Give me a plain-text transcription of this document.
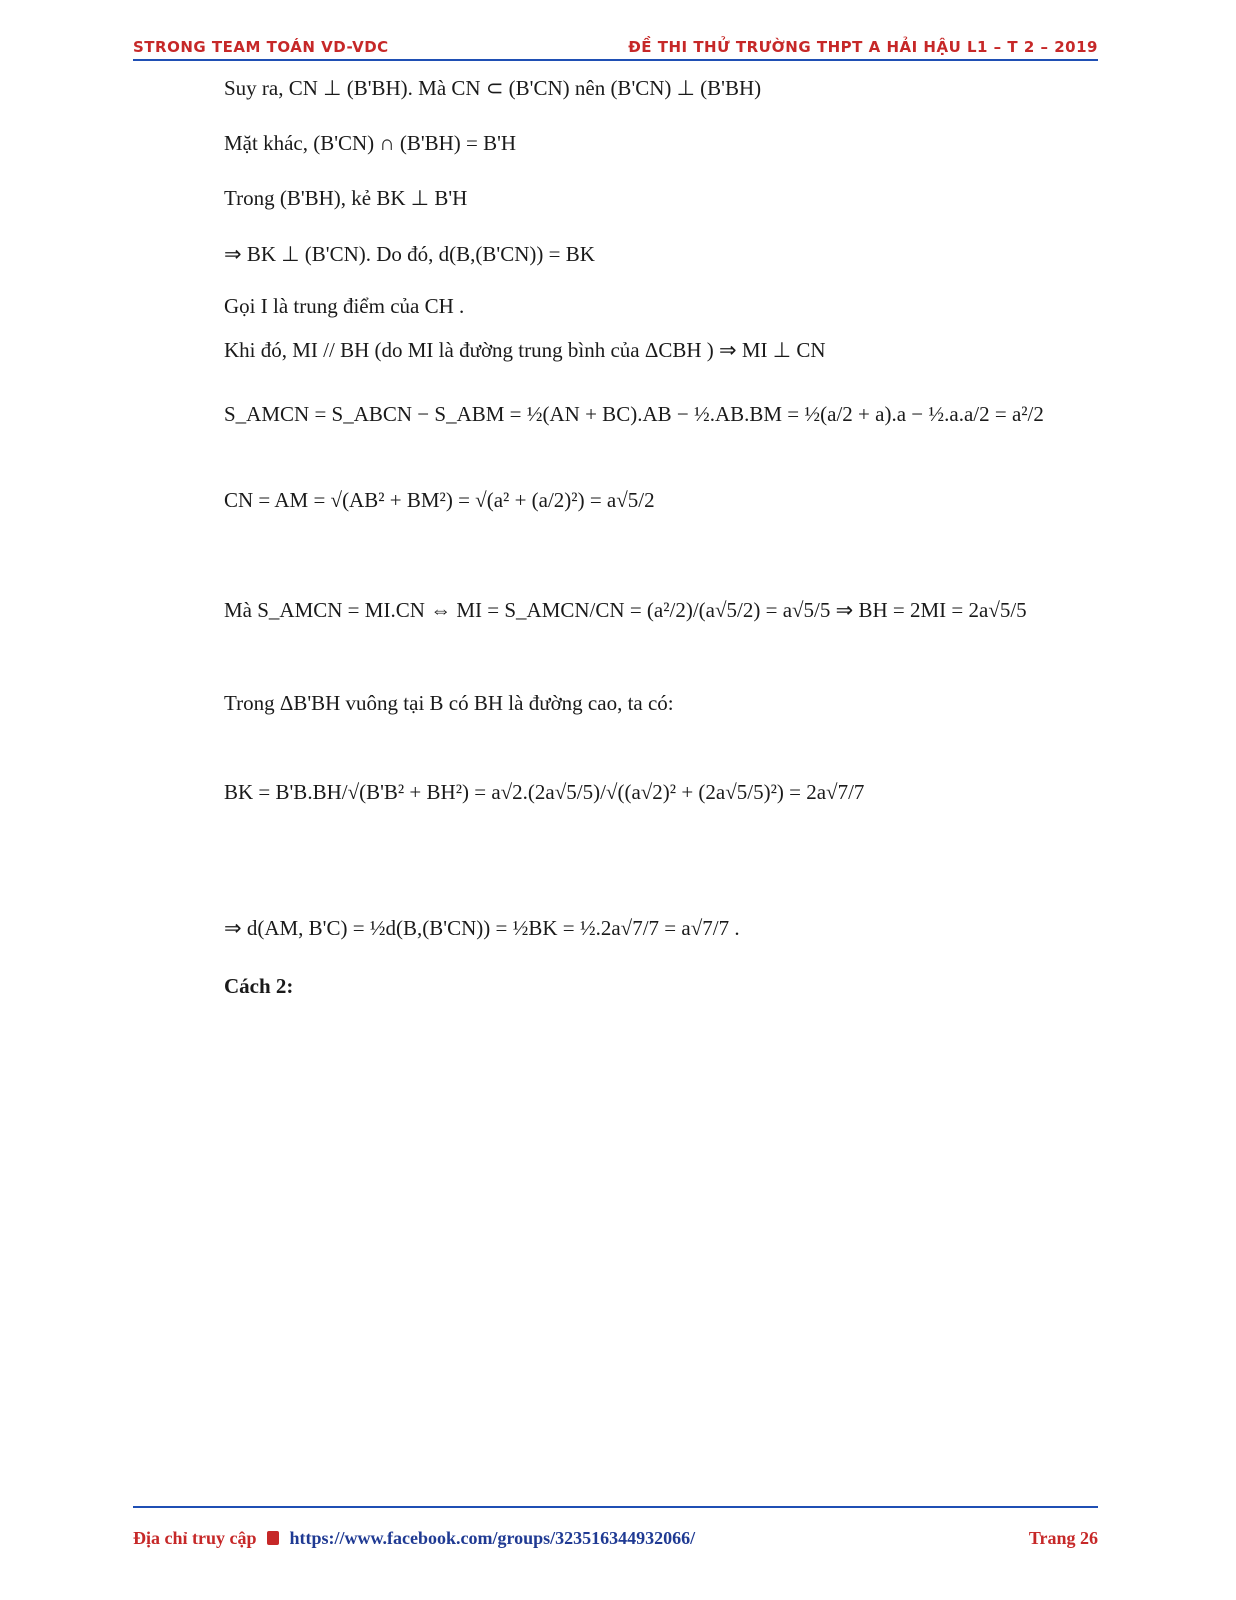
STRONG TEAM TOÁN VD-VDC	ĐỀ THI THỬ TRƯỜNG THPT A HẢI HẬU L1 – T 2 – 2019
Suy ra, CN ⊥ (B'BH). Mà CN ⊂ (B'CN) nên (B'CN) ⊥ (B'BH)
Mặt khác, (B'CN) ∩ (B'BH) = B'H
Trong (B'BH), kẻ BK ⊥ B'H
⇒ BK ⊥ (B'CN). Do đó, d(B,(B'CN)) = BK
Gọi I là trung điểm của CH .
Khi đó, MI // BH (do MI là đường trung bình của ΔCBH ) ⇒ MI ⊥ CN
S_AMCN = S_ABCN − S_ABM = ½(AN + BC).AB − ½.AB.BM = ½(a/2 + a).a − ½.a.a/2 = a²/2
CN = AM = √(AB² + BM²) = √(a² + (a/2)²) = a√5/2
Mà S_AMCN = MI.CN ⇔ MI = S_AMCN/CN = (a²/2)/(a√5/2) = a√5/5 ⇒ BH = 2MI = 2a√5/5
Trong ΔB'BH vuông tại B có BH là đường cao, ta có:
BK = B'B.BH/√(B'B² + BH²) = a√2.(2a√5/5)/√((a√2)² + (2a√5/5)²) = 2a√7/7
⇒ d(AM, B'C) = ½d(B,(B'CN)) = ½BK = ½.2a√7/7 = a√7/7 .
Cách 2:
Địa chỉ truy cập https://www.facebook.com/groups/323516344932066/	Trang 26
